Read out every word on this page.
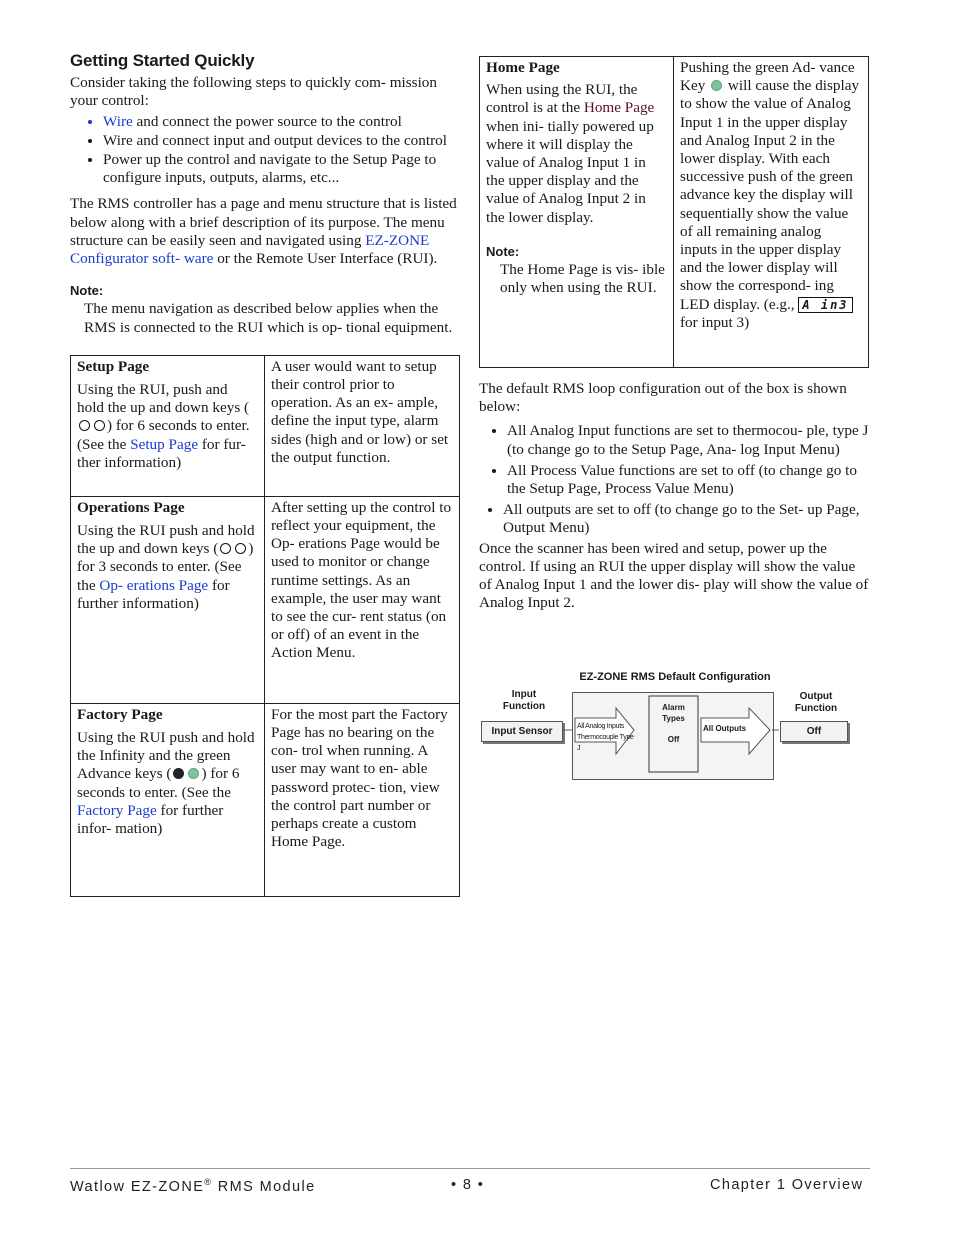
Getting Started Quickly

Consider taking the following steps to quickly com- mission your control:

• Wire and connect the power source to the control
• Wire and connect input and output devices to the control
• Power up the control and navigate to the Setup Page to configure inputs, outputs, alarms, etc...

The RMS controller has a page and menu structure that is listed below along with a brief description of its purpose. The menu structure can be easily seen and navigated using EZ-ZONE Configurator soft- ware or the Remote User Interface (RUI).

Note:

The menu navigation as described below applies when the RMS is connected to the RUI which is op- tional equipment.

Setup Page
Using the RUI, push and hold the up and down keys () for 6 seconds to enter. (See the Setup Page for fur- ther information)	A user would want to setup their control prior to operation. As an ex- ample, define the input type, alarm sides (high and or low) or set the output function.

Operations Page
Using the RUI push and hold the up and down keys ( ) for 3 seconds to enter. (See the Op- erations Page for further information)	After setting up the control to reflect your equipment, the Op- erations Page would be used to monitor or change runtime settings. As an example, the user may want to see the cur- rent status (on or off) of an event in the Action Menu.

Factory Page
Using the RUI push and hold the Infinity and the green Advance keys ( ) for 6 seconds to enter. (See the Factory Page for further infor- mation)	For the most part the Factory Page has no bearing on the con- trol when running. A user may want to en- able password protec- tion, view the control part number or perhaps create a custom Home Page.
Home Page
When using the RUI, the control is at the Home Page when ini- tially powered up where it will display the value of Analog Input 1 in the upper display and the value of Analog Input 2 in the lower display.
Note:
The Home Page is vis- ible only when using the RUI.
	Pushing the green Ad- vance Key  will cause the display to show the value of Analog Input 1 in the upper display and Analog Input 2 in the lower display. With each successive push of the green advance key the display will sequentially show the value of all remaining analog inputs in the upper display and the lower display will show the correspond- ing LED display. (e.g., A in3 for input 3)

The default RMS loop configuration out of the box is shown below:

• All Analog Input functions are set to thermocou- ple, type J (to change go to the Setup Page, Ana- log Input Menu)
• All Process Value functions are set to off (to change go to the Setup Page, Process Value Menu)
• All outputs are set to off (to change go to the Set- up Page, Output Menu)

Once the scanner has been wired and setup, power up the control. If using an RUI the upper display will show the value of Analog Input 1 and the lower dis- play will show the value of Analog Input 2.

EZ-ZONE RMS Default Configuration
Input
Function
Output
Function
Input Sensor	All Analog Inputs
Thermocouple Type J
Alarm
Types
Off
All Outputs	Off
Watlow EZ-ZONE® RMS Module	• 8 •	Chapter 1 Overview
